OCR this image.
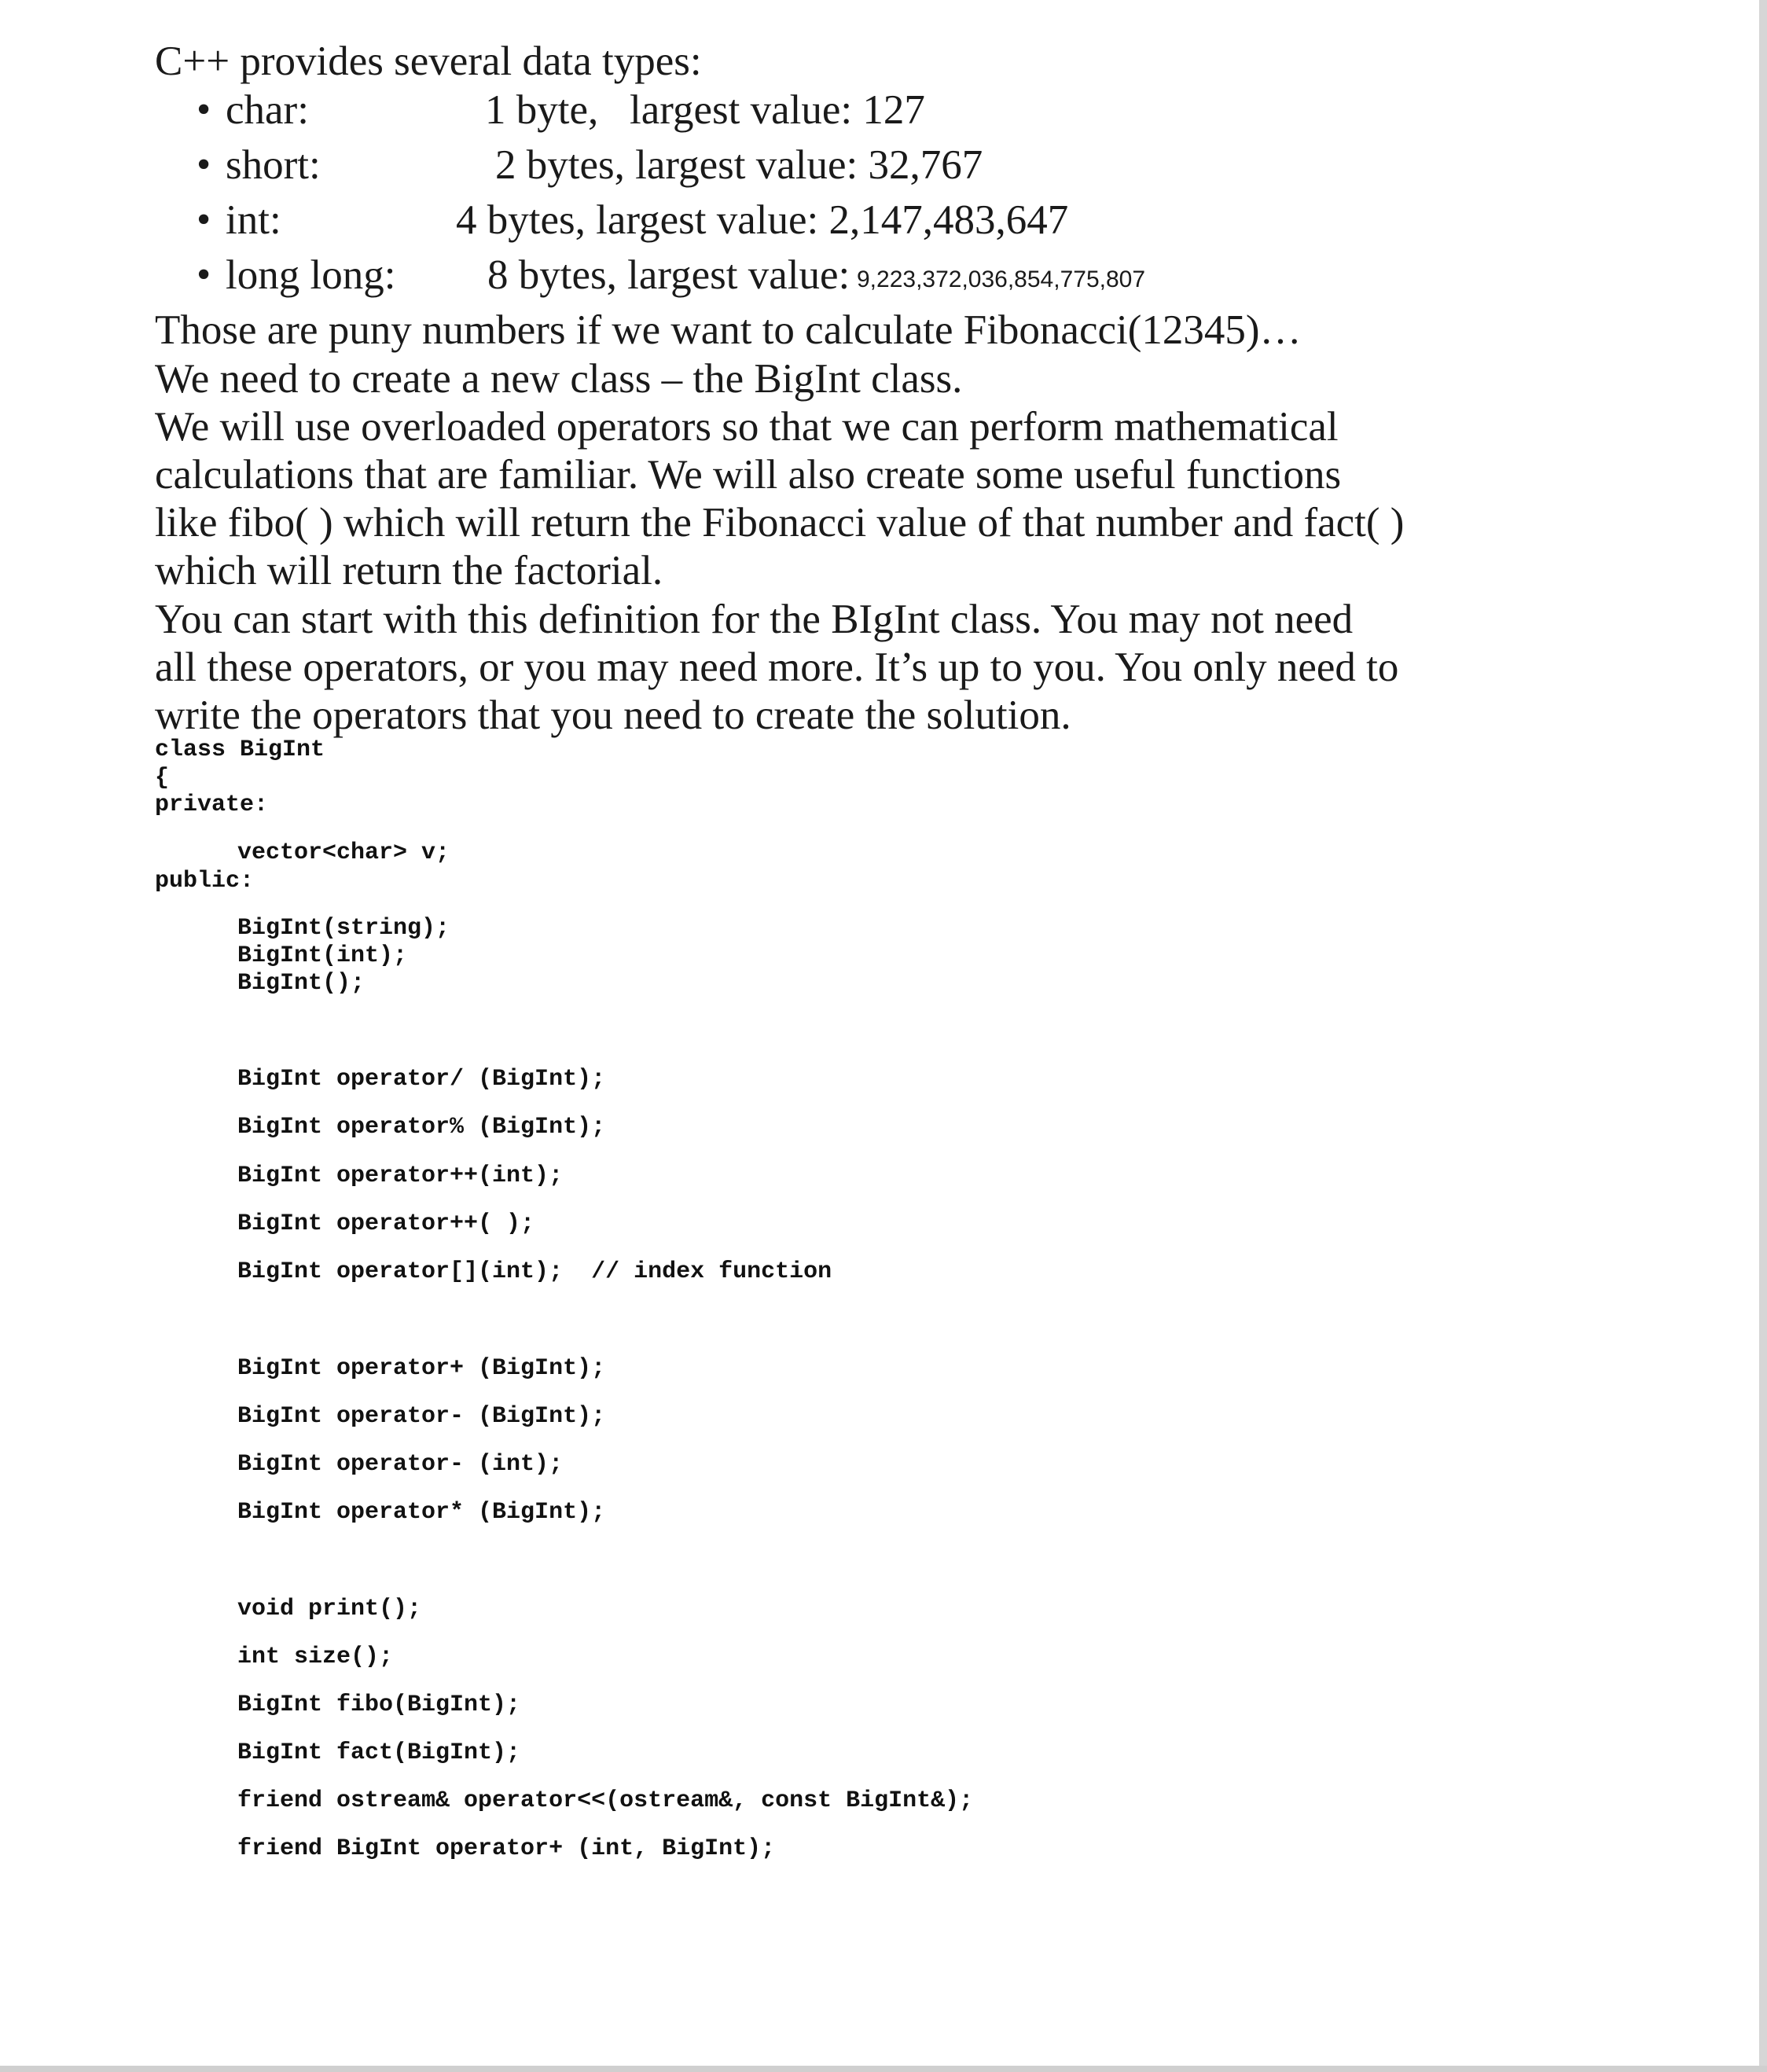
C++ provides several data types:
• char:	1 byte,   largest value: 127
• short:	2 bytes, largest value: 32,767
• int:	4 bytes, largest value: 2,147,483,647
• long long: 8 bytes, largest value:
9,223,372,036,854,775,807
Those are puny numbers if we want to calculate Fibonacci(12345)…
We need to create a new class – the BigInt class.
We will use overloaded operators so that we can perform mathematical
calculations that are familiar. We will also create some useful functions
like fibo( ) which will return the Fibonacci value of that number and fact( )
which will return the factorial.
You can start with this definition for the BIgInt class. You may not need
all these operators, or you may need more. It’s up to you. You only need to
write the operators that you need to create the solution.
class BigInt
{
private:
vector<char> v;
public:
BigInt(string);
BigInt(int);
BigInt();
BigInt operator/ (BigInt);
BigInt operator% (BigInt);
BigInt operator++(int);
BigInt operator++( );
BigInt operator[](int);  // index function
BigInt operator+ (BigInt);
BigInt operator- (BigInt);
BigInt operator- (int);
BigInt operator* (BigInt);
void print();
int size();
BigInt fibo(BigInt);
BigInt fact(BigInt);
friend ostream& operator<<(ostream&, const BigInt&);
friend BigInt operator+ (int, BigInt);
